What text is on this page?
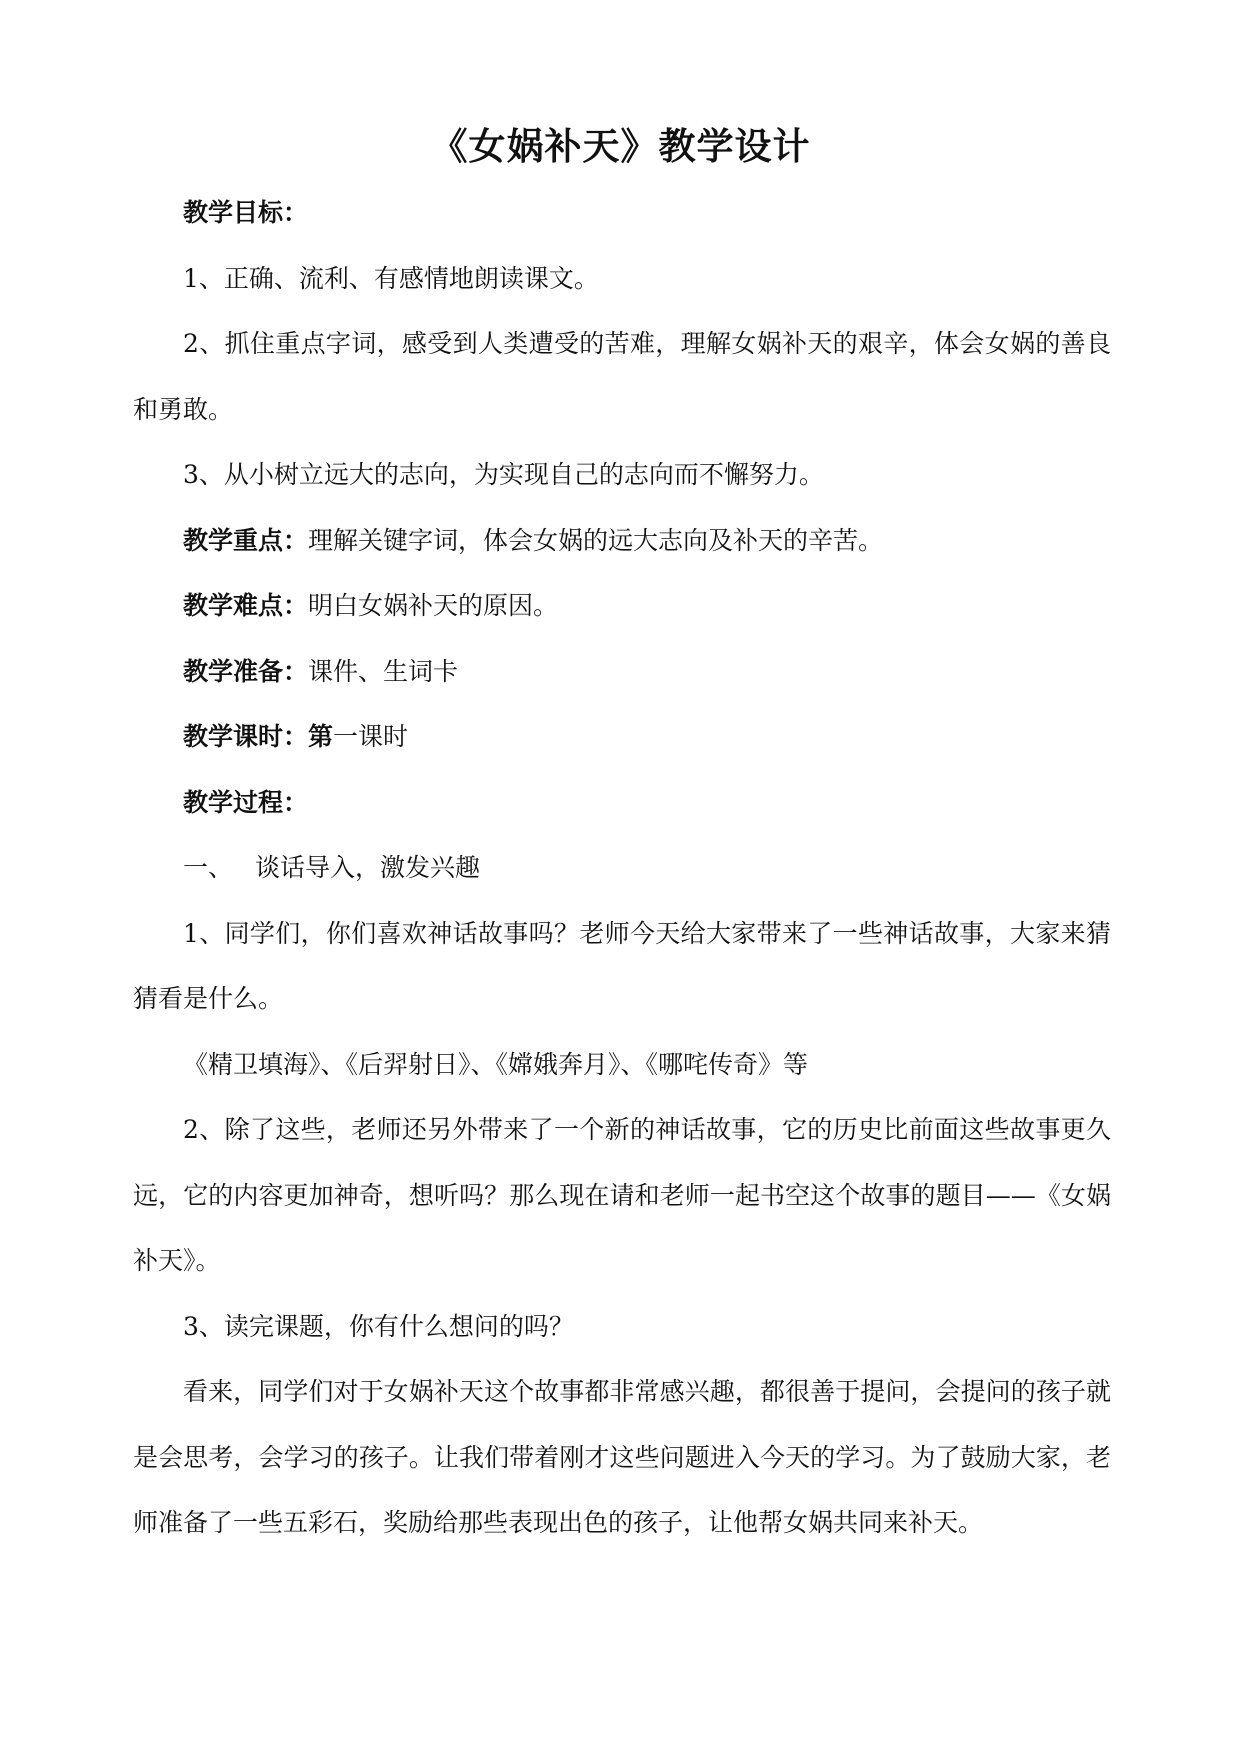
《女娲补天》教学设计

教学目标：

1、正确、流利、有感情地朗读课文。

2、抓住重点字词，感受到人类遭受的苦难，理解女娲补天的艰辛，体会女娲的善良和勇敢。

3、从小树立远大的志向，为实现自己的志向而不懈努力。

教学重点：理解关键字词，体会女娲的远大志向及补天的辛苦。

教学难点：明白女娲补天的原因。

教学准备：课件、生词卡

教学课时：第一课时

教学过程：

一、 谈话导入，激发兴趣

1、同学们，你们喜欢神话故事吗？老师今天给大家带来了一些神话故事，大家来猜猜看是什么。

《精卫填海》、《后羿射日》、《嫦娥奔月》、《哪咤传奇》等

2、除了这些，老师还另外带来了一个新的神话故事，它的历史比前面这些故事更久远，它的内容更加神奇，想听吗？那么现在请和老师一起书空这个故事的题目——《女娲补天》。

3、读完课题，你有什么想问的吗？

看来，同学们对于女娲补天这个故事都非常感兴趣，都很善于提问，会提问的孩子就是会思考，会学习的孩子。让我们带着刚才这些问题进入今天的学习。为了鼓励大家，老师准备了一些五彩石，奖励给那些表现出色的孩子，让他帮女娲共同来补天。
